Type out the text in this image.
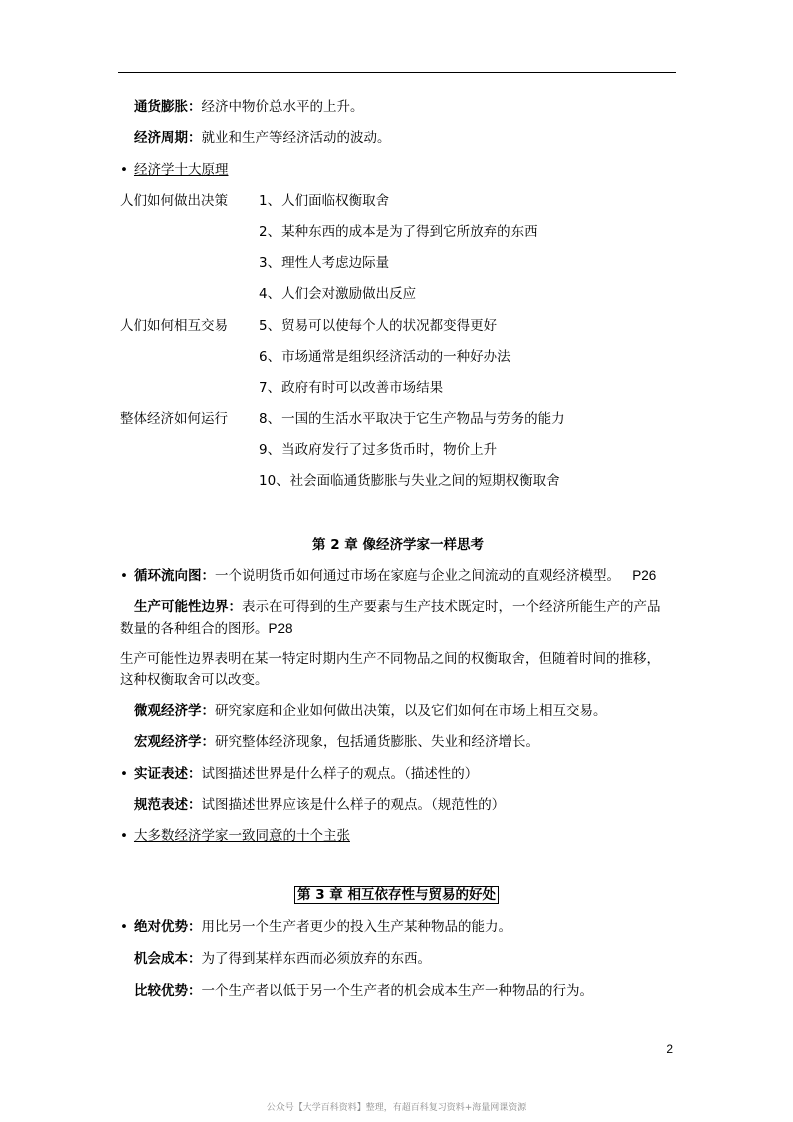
通货膨胀：经济中物价总水平的上升。
经济周期：就业和生产等经济活动的波动。
• 经济学十大原理
人们如何做出决策 1、人们面临权衡取舍
2、某种东西的成本是为了得到它所放弃的东西
3、理性人考虑边际量
4、人们会对激励做出反应
人们如何相互交易 5、贸易可以使每个人的状况都变得更好
6、市场通常是组织经济活动的一种好办法
7、政府有时可以改善市场结果
整体经济如何运行 8、一国的生活水平取决于它生产物品与劳务的能力
9、当政府发行了过多货币时，物价上升
10、社会面临通货膨胀与失业之间的短期权衡取舍
第 2 章 像经济学家一样思考
• 循环流向图：一个说明货币如何通过市场在家庭与企业之间流动的直观经济模型。 P26
生产可能性边界：表示在可得到的生产要素与生产技术既定时，一个经济所能生产的产品
数量的各种组合的图形。P28
生产可能性边界表明在某一特定时期内生产不同物品之间的权衡取舍，但随着时间的推移，
这种权衡取舍可以改变。
微观经济学：研究家庭和企业如何做出决策，以及它们如何在市场上相互交易。
宏观经济学：研究整体经济现象，包括通货膨胀、失业和经济增长。
• 实证表述：试图描述世界是什么样子的观点。（描述性的）
规范表述：试图描述世界应该是什么样子的观点。（规范性的）
• 大多数经济学家一致同意的十个主张
第 3 章 相互依存性与贸易的好处
• 绝对优势：用比另一个生产者更少的投入生产某种物品的能力。
机会成本：为了得到某样东西而必须放弃的东西。
比较优势：一个生产者以低于另一个生产者的机会成本生产一种物品的行为。
2
公众号【大学百科资料】整理，有超百科复习资料+海量网课资源
